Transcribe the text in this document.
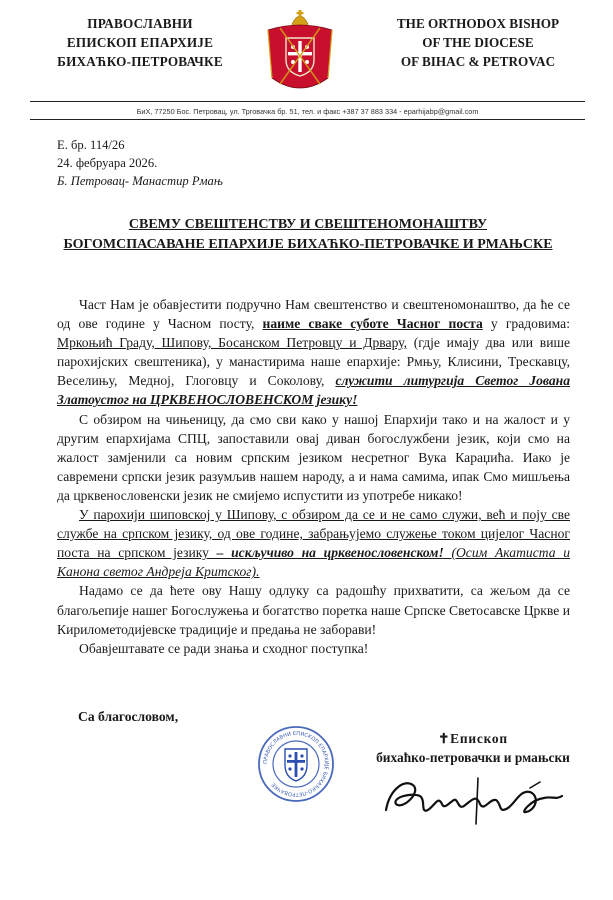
ПРАВОСЛАВНИ
ЕПИСКОП ЕПАРХИЈЕ
БИХАЋКО-ПЕТРОВАЧКЕ
THE ORTHODOX BISHOP
OF THE DIOCESE
OF BIHAC & PETROVAC
БиХ, 77250 Бос. Петровац, ул. Трговачка бр. 51, тел. и факс +387 37 883 334 - eparhijabp@gmail.com
Е. бр. 114/26
24. фебруара 2026.
Б. Петровац- Манастир Рмањ
СВЕМУ СВЕШТЕНСТВУ И СВЕШТЕНОМОНАШТВУ
БОГОМСПАСАВАНЕ ЕПАРХИЈЕ БИХАЋКО-ПЕТРОВАЧКЕ И РМАЊСКЕ

Част Нам је обавјестити подручно Нам свештенство и свештеномонаштво, да ће се од ове године у Часном посту, наиме сваке суботе Часног поста у градовима: Мркоњић Граду, Шипову, Босанском Петровцу и Дрвару, (гдје имају два или више парохијских свештеника), у манастирима наше епархије: Рмњу, Клисини, Трескавцу, Веселињу, Медној, Глоговцу и Соколову, служити литургија Светог Јована Златоустог на ЦРКВЕНОСЛОВЕНСКОМ језику!

С обзиром на чињеницу, да смо сви како у нашој Епархији тако и на жалост и у другим епархијама СПЦ, запоставили овај диван богослужбени језик, који смо на жалост замјенили са новим српским језиком несретног Вука Караџића. Иако је савремени српски језик разумљив нашем народу, а и нама самима, ипак Смо мишљења да црквенословенски језик не смијемо испустити из употребе никако!

У парохији шиповској у Шипову, с обзиром да се и не само служи, већ и поју све службе на српском језику, од ове године, забрањујемо служење током цијелог Часног поста на српском језику – искључиво на црквенословенском! (Осим Акатиста и Канона светог Андреја Критског).

Надамо се да ћете ову Нашу одлуку са радошћу прихватити, са жељом да се благољепије нашег Богослужења и богатство поретка наше Српске Светосавске Цркве и Кирилометодијевске традиције и предања не заборави!

Обавјештавате се ради знања и сходног поступка!

Са благословом,
ПРАВОСЛАВНИ ЕПИСКОП ЕПАРХИЈЕ БИХАЋКО-ПЕТРОВАЧКЕ
✝Епископ
бихаћко-петровачки и рмањски
